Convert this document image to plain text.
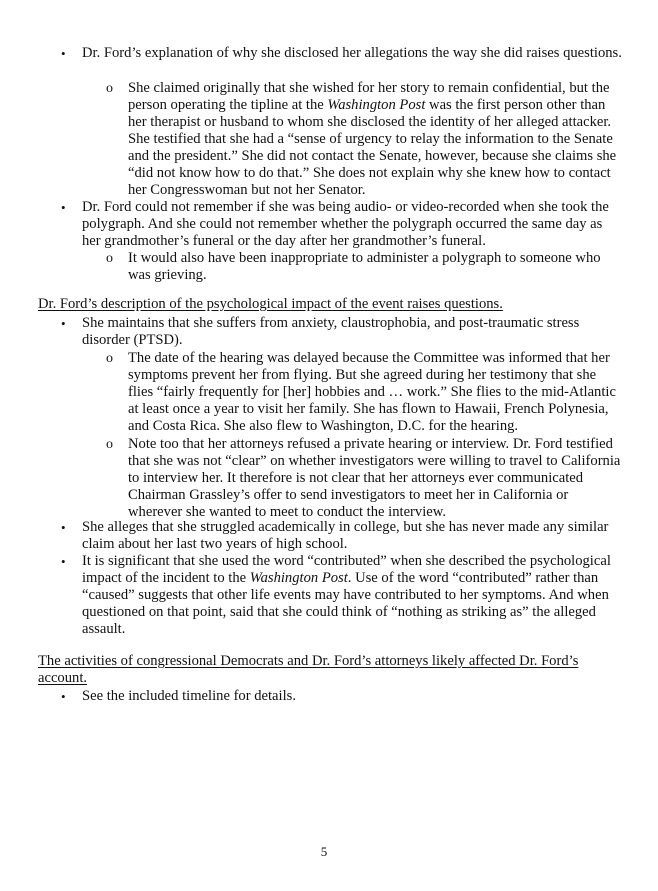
• Dr. Ford’s explanation of why she disclosed her allegations the way she did raises questions.
o She claimed originally that she wished for her story to remain confidential, but the person operating the tipline at the Washington Post was the first person other than her therapist or husband to whom she disclosed the identity of her alleged attacker. She testified that she had a “sense of urgency to relay the information to the Senate and the president.” She did not contact the Senate, however, because she claims she “did not know how to do that.” She does not explain why she knew how to contact her Congresswoman but not her Senator.
• Dr. Ford could not remember if she was being audio- or video-recorded when she took the polygraph. And she could not remember whether the polygraph occurred the same day as her grandmother’s funeral or the day after her grandmother’s funeral.
o It would also have been inappropriate to administer a polygraph to someone who was grieving.
Dr. Ford’s description of the psychological impact of the event raises questions.
• She maintains that she suffers from anxiety, claustrophobia, and post-traumatic stress disorder (PTSD).
o The date of the hearing was delayed because the Committee was informed that her symptoms prevent her from flying. But she agreed during her testimony that she flies “fairly frequently for [her] hobbies and … work.” She flies to the mid-Atlantic at least once a year to visit her family. She has flown to Hawaii, French Polynesia, and Costa Rica. She also flew to Washington, D.C. for the hearing.
o Note too that her attorneys refused a private hearing or interview. Dr. Ford testified that she was not “clear” on whether investigators were willing to travel to California to interview her. It therefore is not clear that her attorneys ever communicated Chairman Grassley’s offer to send investigators to meet her in California or wherever she wanted to meet to conduct the interview.
• She alleges that she struggled academically in college, but she has never made any similar claim about her last two years of high school.
• It is significant that she used the word “contributed” when she described the psychological impact of the incident to the Washington Post. Use of the word “contributed” rather than “caused” suggests that other life events may have contributed to her symptoms. And when questioned on that point, said that she could think of “nothing as striking as” the alleged assault.
The activities of congressional Democrats and Dr. Ford’s attorneys likely affected Dr. Ford’s account.
• See the included timeline for details.
5
